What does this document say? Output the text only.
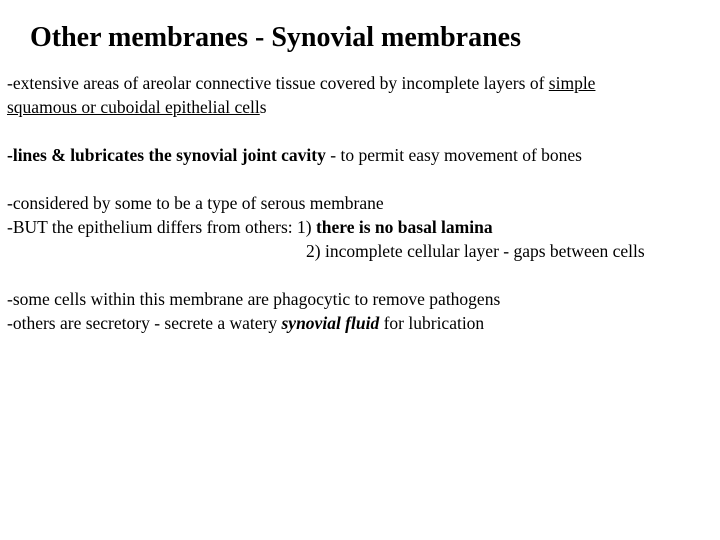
Other membranes - Synovial membranes
-extensive areas of areolar connective tissue covered by incomplete layers of simple
squamous or cuboidal epithelial cells
-lines & lubricates the synovial joint cavity - to permit easy movement of bones
-considered by some to be a type of serous membrane
-BUT the epithelium differs from others: 1) there is no basal lamina
2) incomplete cellular layer - gaps between cells
-some cells within this membrane are phagocytic to remove pathogens
-others are secretory - secrete a watery synovial fluid for lubrication
